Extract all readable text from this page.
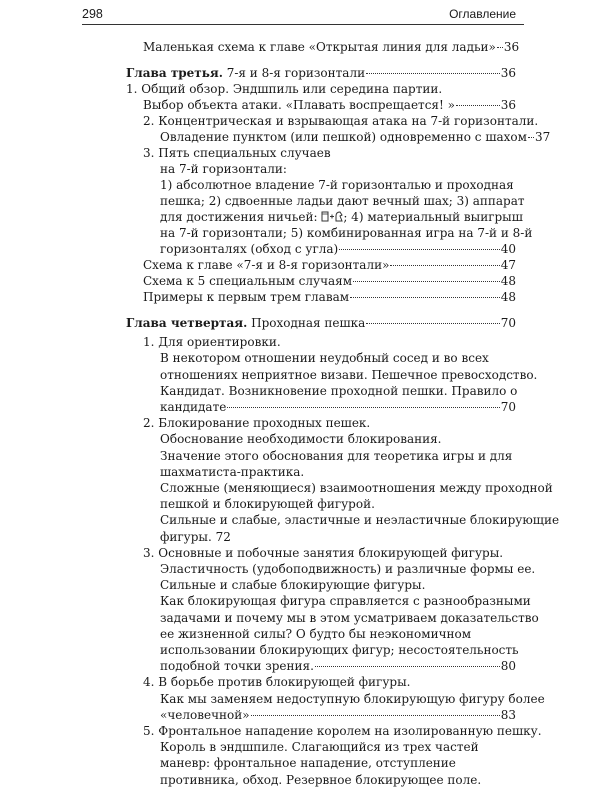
298	Оглавление
Маленькая схема к главе «Открытая линия для ладьи» 36
Глава третья. 7-я и 8-я горизонтали	36
1. Общий обзор. Эндшпиль или середина партии.
Выбор объекта атаки. «Плавать воспрещается! »	36
2. Концентрическая и взрывающая атака на 7-й горизонтали.
Овладение пунктом (или пешкой) одновременно с шахом 37
3. Пять специальных случаев
на 7-й горизонтали:
1) абсолютное владение 7-й горизонталью и проходная
пешка; 2) сдвоенные ладьи дают вечный шах; 3) аппарат
для достижения ничьей: ; 4) материальный выигрыш
на 7-й горизонтали; 5) комбинированная игра на 7-й и 8-й
горизонталях (обход с угла)	40
Схема к главе «7-я и 8-я горизонтали»	47
Схема к 5 специальным случаям	48
Примеры к первым трем главам	48
Глава четвертая. Проходная пешка	70
1. Для ориентировки.
В некотором отношении неудобный сосед и во всех
отношениях неприятное визави. Пешечное превосходство.
Кандидат. Возникновение проходной пешки. Правило о
кандидате	70
2. Блокирование проходных пешек.
Обоснование необходимости блокирования.
Значение этого обоснования для теоретика игры и для
шахматиста-практика.
Сложные (меняющиеся) взаимоотношения между проходной
пешкой и блокирующей фигурой.
Сильные и слабые, эластичные и неэластичные блокирующие
фигуры. 72
3. Основные и побочные занятия блокирующей фигуры.
Эластичность (удобоподвижность) и различные формы ее.
Сильные и слабые блокирующие фигуры.
Как блокирующая фигура справляется с разнообразными
задачами и почему мы в этом усматриваем доказательство
ее жизненной силы? О будто бы неэкономичном
использовании блокирующих фигур; несостоятельность
подобной точки зрения.	80
4. В борьбе против блокирующей фигуры.
Как мы заменяем недоступную блокирующую фигуру более
«человечной»	83
5. Фронтальное нападение королем на изолированную пешку.
Король в эндшпиле. Слагающийся из трех частей
маневр: фронтальное нападение, отступление
противника, обход. Резервное блокирующее поле.
